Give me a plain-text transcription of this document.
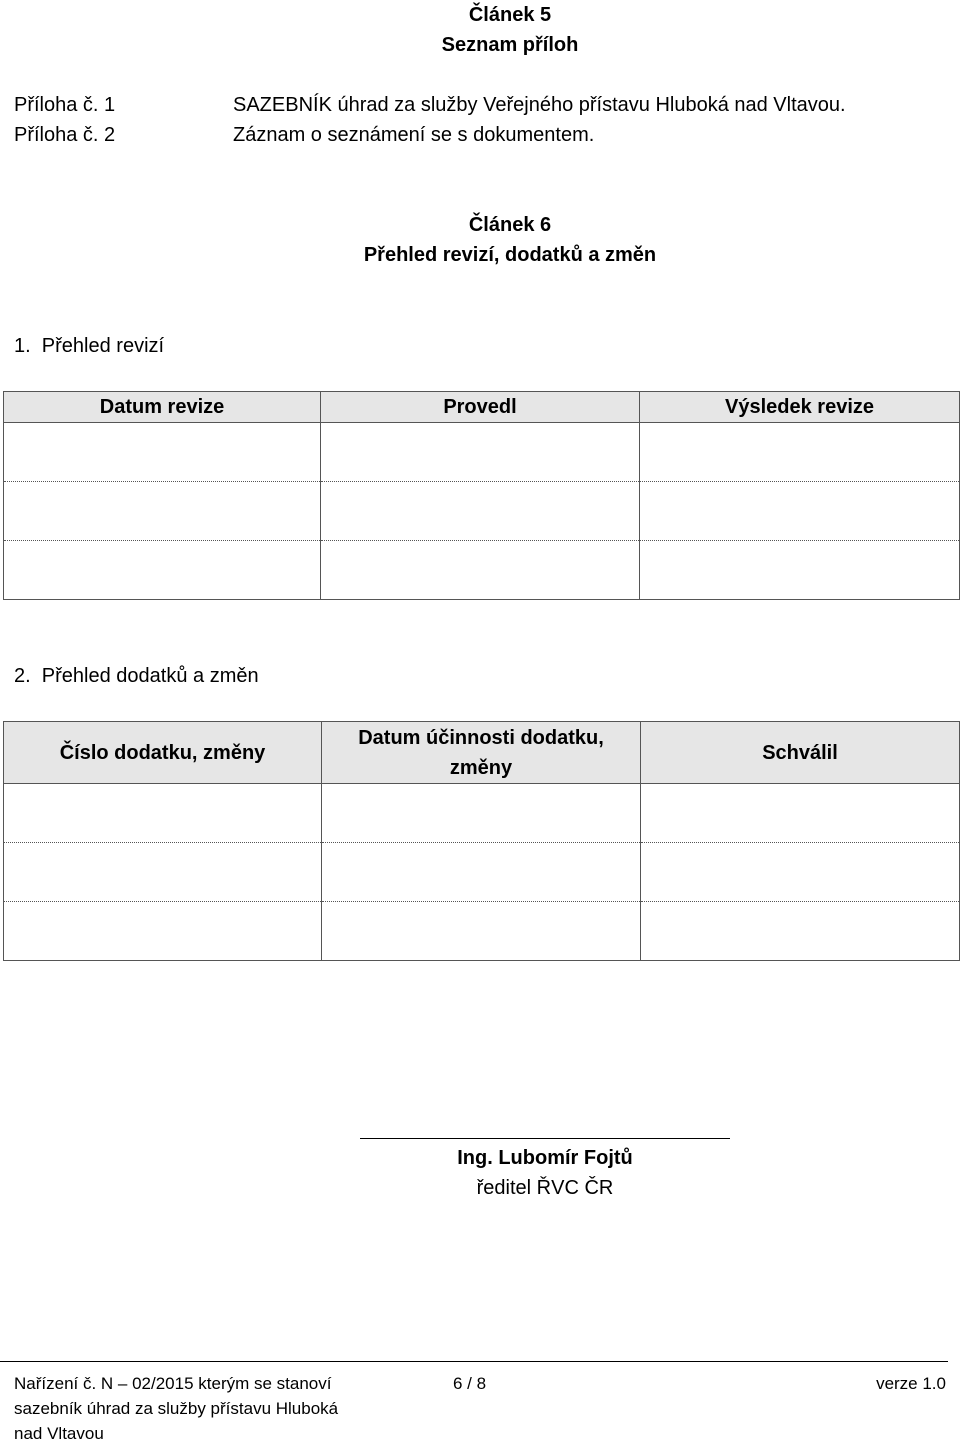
Článek 5
Seznam příloh
Příloha č. 1	SAZEBNÍK úhrad za služby Veřejného přístavu Hluboká nad Vltavou.
Příloha č. 2	Záznam o seznámení se s dokumentem.
Článek 6
Přehled revizí, dodatků a změn
1.  Přehled revizí
Datum revize	Provedl	Výsledek revize

2.  Přehled dodatků a změn
Číslo dodatku, změny	Datum účinnosti dodatku, změny	Schválil

Ing. Lubomír Fojtů
ředitel ŘVC ČR
Nařízení č. N – 02/2015 kterým se stanoví
sazebník úhrad za služby přístavu Hluboká
nad Vltavou
6 / 8	verze 1.0
